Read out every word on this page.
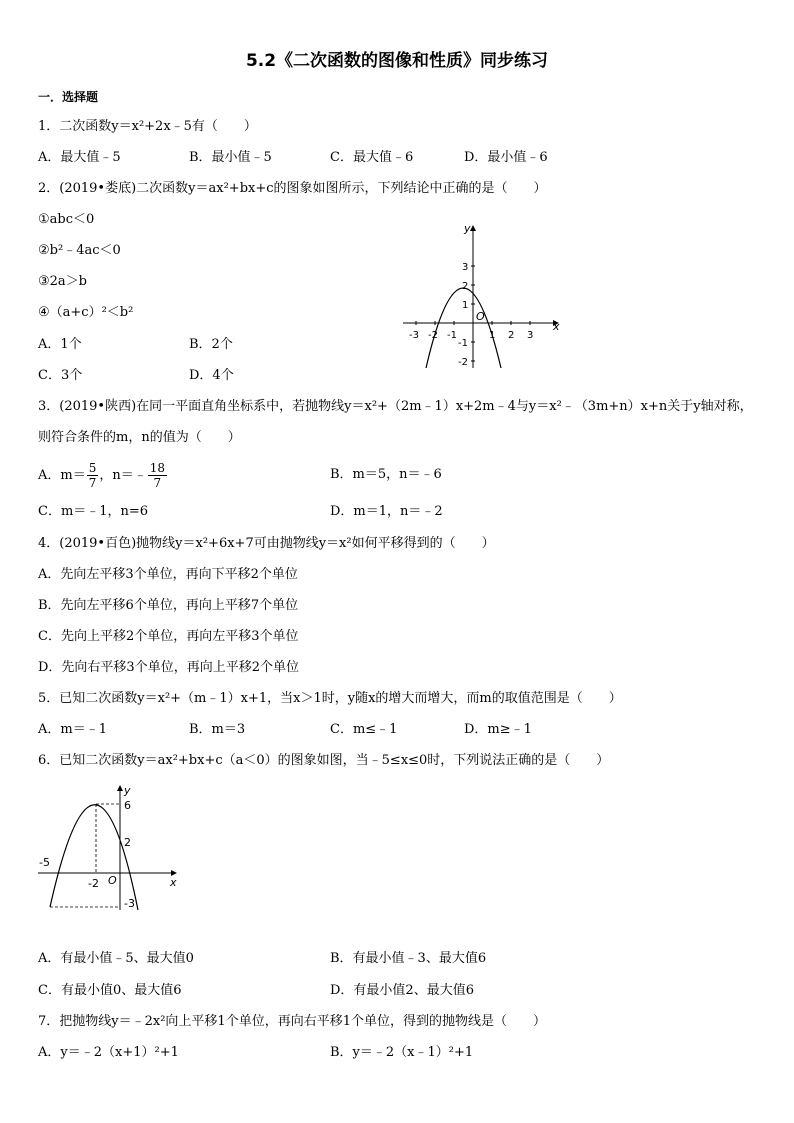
5.2《二次函数的图像和性质》同步练习
一．选择题
1．二次函数y＝x²+2x﹣5有（　　）
A．最大值﹣5	B．最小值﹣5	C．最大值﹣6	D．最小值﹣6
2．(2019•娄底)二次函数y＝ax²+bx+c的图象如图所示，下列结论中正确的是（　　）
①abc＜0
②b²﹣4ac＜0
③2a＞b
④（a+c）²＜b²
A．1个	B．2个
C．3个	D．4个
-3 -2 -1	1 2 3
3
2
1
-1
-2
O
x
y
3．(2019•陕西)在同一平面直角坐标系中，若抛物线y＝x²+（2m﹣1）x+2m﹣4与y＝x²﹣（3m+n）x+n关于y轴对称，
则符合条件的m，n的值为（　　）
A．$m= \frac{5}{7}$ ，n＝﹣ $\frac{18}{7}$	B．m＝5，n＝﹣6
C．m＝﹣1，n=6	D．m＝1，n＝﹣2
4．(2019•百色)抛物线y＝x²+6x+7可由抛物线y＝x²如何平移得到的（　　）
A．先向左平移3个单位，再向下平移2个单位
B．先向左平移6个单位，再向上平移7个单位
C．先向上平移2个单位，再向左平移3个单位
D．先向右平移3个单位，再向上平移2个单位
5．已知二次函数y＝x²+（m﹣1）x+1，当x＞1时，y随x的增大而增大，而m的取值范围是（　　）
A．m＝﹣1	B．m＝3	C．m≤﹣1	D．m≥﹣1
6．已知二次函数y＝ax²+bx+c（a＜0）的图象如图，当﹣5≤x≤0时，下列说法正确的是（　　）
6
2
-5
-2 O
-3
x
y
A．有最小值﹣5、最大值0	B．有最小值﹣3、最大值6
C．有最小值0、最大值6	D．有最小值2、最大值6
7．把抛物线y＝﹣2x²向上平移1个单位，再向右平移1个单位，得到的抛物线是（　　）
A．y＝﹣2（x+1）²+1	B．y＝﹣2（x﹣1）²+1
